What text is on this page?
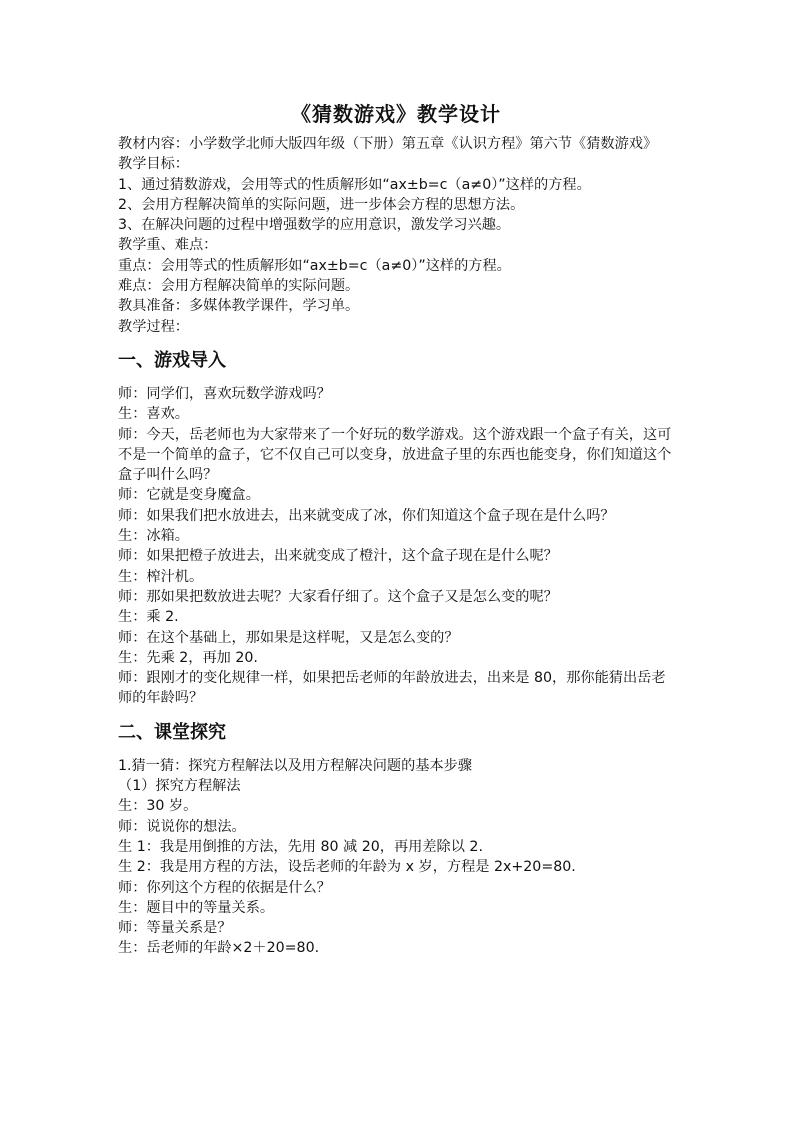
《猜数游戏》教学设计

教材内容：小学数学北师大版四年级（下册）第五章《认识方程》第六节《猜数游戏》

教学目标：

1、通过猜数游戏，会用等式的性质解形如“ax±b=c（a≠0）”这样的方程。

2、会用方程解决简单的实际问题，进一步体会方程的思想方法。

3、在解决问题的过程中增强数学的应用意识，激发学习兴趣。

教学重、难点：

重点：会用等式的性质解形如“ax±b=c（a≠0）”这样的方程。

难点：会用方程解决简单的实际问题。

教具准备：多媒体教学课件，学习单。

教学过程：

一、游戏导入

师：同学们，喜欢玩数学游戏吗？

生：喜欢。

师：今天，岳老师也为大家带来了一个好玩的数学游戏。这个游戏跟一个盒子有关，这可不是一个简单的盒子，它不仅自己可以变身，放进盒子里的东西也能变身，你们知道这个盒子叫什么吗？

师：它就是变身魔盒。

师：如果我们把水放进去，出来就变成了冰，你们知道这个盒子现在是什么吗？

生：冰箱。

师：如果把橙子放进去，出来就变成了橙汁，这个盒子现在是什么呢？

生：榨汁机。

师：那如果把数放进去呢？大家看仔细了。这个盒子又是怎么变的呢？

生：乘 2.

师：在这个基础上，那如果是这样呢，又是怎么变的？

生：先乘 2，再加 20.

师：跟刚才的变化规律一样，如果把岳老师的年龄放进去，出来是 80，那你能猜出岳老师的年龄吗？

二、课堂探究

1.猜一猜：探究方程解法以及用方程解决问题的基本步骤

（1）探究方程解法

生：30 岁。

师：说说你的想法。

生 1：我是用倒推的方法，先用 80 减 20，再用差除以 2.

生 2：我是用方程的方法，设岳老师的年龄为 x 岁，方程是 2x+20=80.

师：你列这个方程的依据是什么？

生：题目中的等量关系。

师：等量关系是？

生：岳老师的年龄×2＋20=80.
